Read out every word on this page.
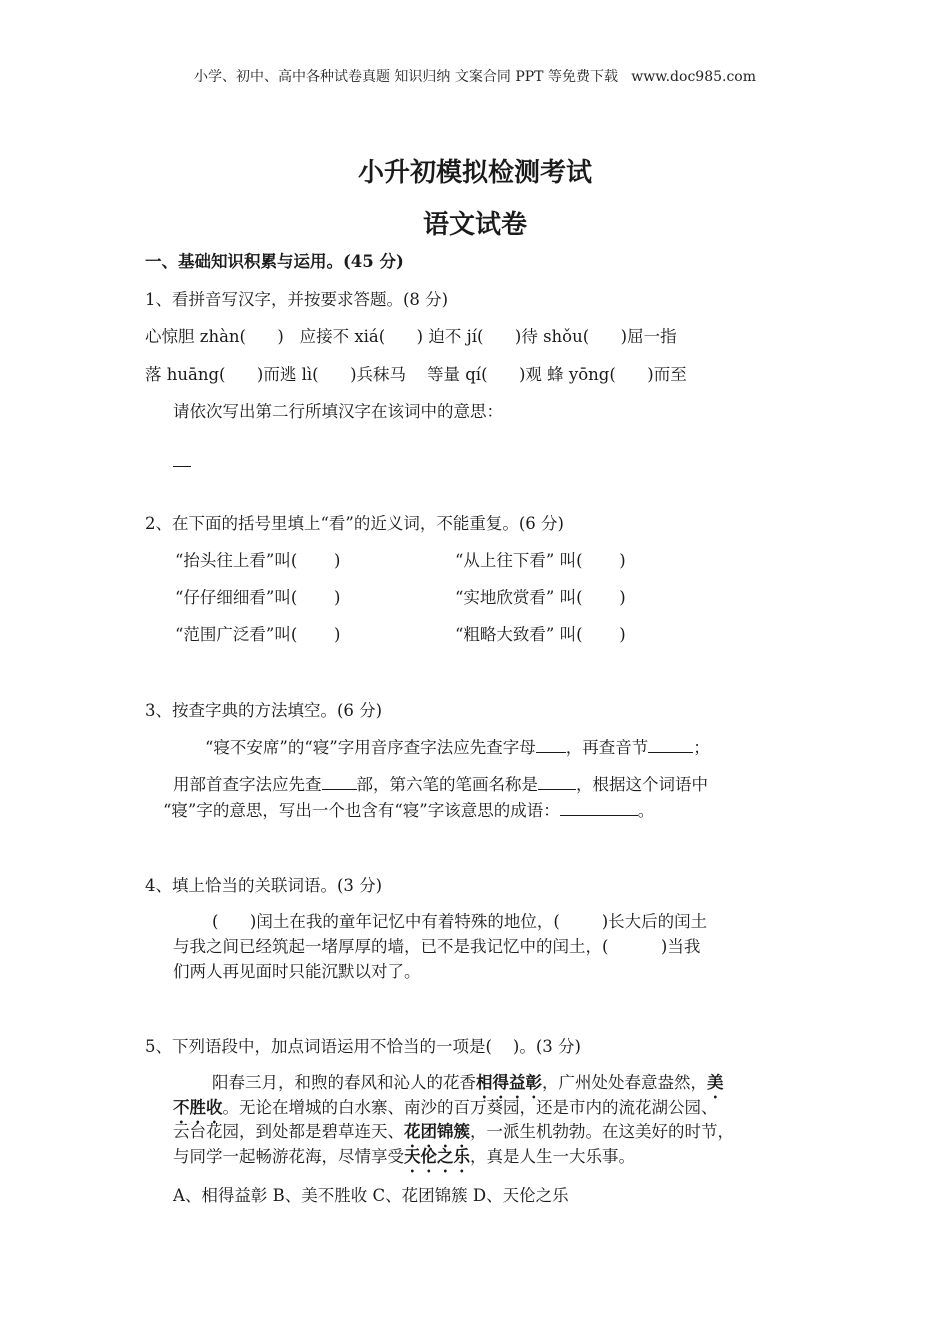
小学、初中、高中各种试卷真题 知识归纳 文案合同 PPT 等免费下载   www.doc985.com
小升初模拟检测考试
语文试卷
一、基础知识积累与运用。(45 分)
1、看拼音写汉字，并按要求答题。(8 分)
心惊胆 zhàn(      )   应接不 xiá(      ) 迫不 jí(      )待 shǒu(      )屈一指
落 huāng(      )而逃 lì(      )兵秣马    等量 qí(      )观 蜂 yōng(      )而至
请依次写出第二行所填汉字在该词中的意思：
2、在下面的括号里填上“看”的近义词，不能重复。(6 分)
“抬头往上看”叫(       )	“从上往下看” 叫(       )
“仔仔细细看”叫(       )	“实地欣赏看” 叫(       )
“范围广泛看”叫(       )	“粗略大致看” 叫(       )
3、按查字典的方法填空。(6 分)
“寝不安席”的“寝”字用音序查字法应先查字母 ，再查音节	；
用部首查字法应先查 部，第六笔的笔画名称是 ，根据这个词语中
“寝”字的意思，写出一个也含有“寝”字该意思的成语：	。
4、填上恰当的关联词语。(3 分)
(      )闰土在我的童年记忆中有着特殊的地位，(        )长大后的闰土
与我之间已经筑起一堵厚厚的墙，已不是我记忆中的闰土，(          )当我
们两人再见面时只能沉默以对了。
5、下列语段中，加点词语运用不恰当的一项是(    )。(3 分)
阳春三月，和煦的春风和沁人的花香相得益彰，广州处处春意盎然，美
不胜收。无论在增城的白水寨、南沙的百万葵园，还是市内的流花湖公园、
云台花园，到处都是碧草连天、花团锦簇，一派生机勃勃。在这美好的时节，
与同学一起畅游花海，尽情享受天伦之乐，真是人生一大乐事。
A、相得益彰 B、美不胜收 C、花团锦簇 D、天伦之乐
